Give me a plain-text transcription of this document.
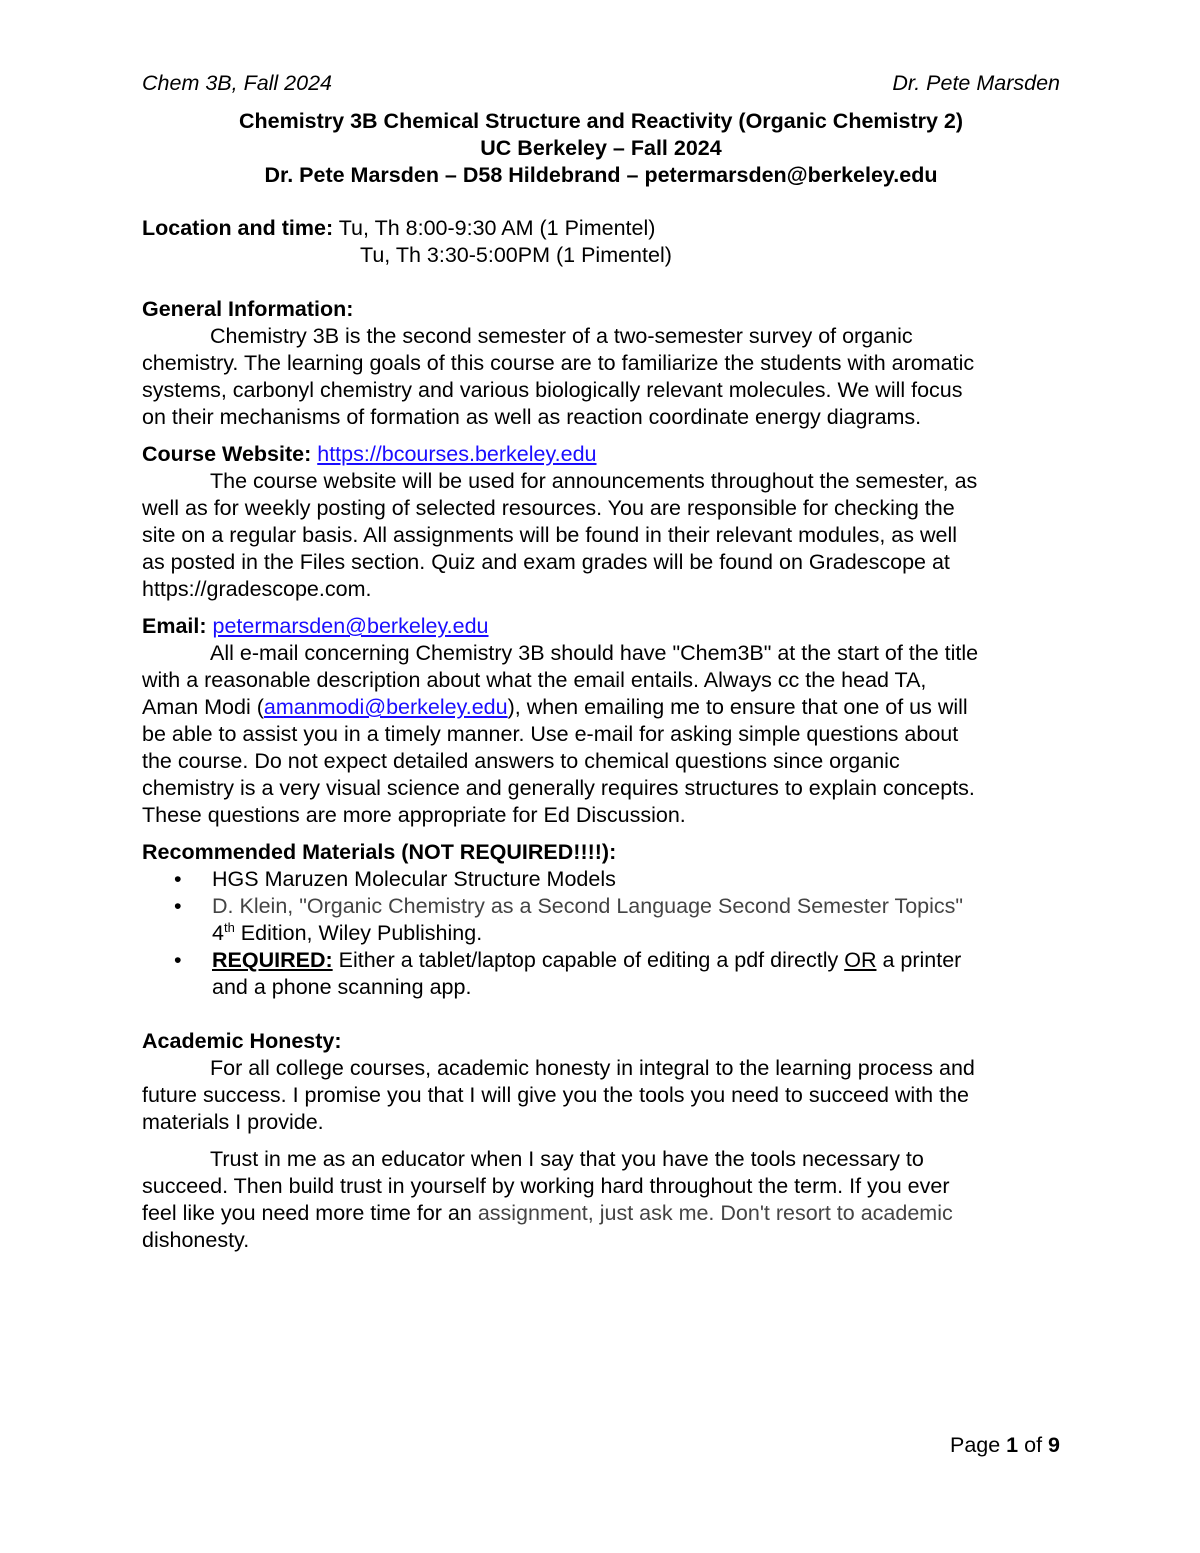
Chem 3B, Fall 2024	Dr. Pete Marsden
Chemistry 3B Chemical Structure and Reactivity (Organic Chemistry 2)
UC Berkeley – Fall 2024
Dr. Pete Marsden – D58 Hildebrand – petermarsden@berkeley.edu
Location and time: Tu, Th 8:00-9:30 AM (1 Pimentel)
Tu, Th 3:30-5:00PM (1 Pimentel)
General Information:
Chemistry 3B is the second semester of a two-semester survey of organic
chemistry. The learning goals of this course are to familiarize the students with aromatic
systems, carbonyl chemistry and various biologically relevant molecules. We will focus
on their mechanisms of formation as well as reaction coordinate energy diagrams.
Course Website: https://bcourses.berkeley.edu
The course website will be used for announcements throughout the semester, as
well as for weekly posting of selected resources. You are responsible for checking the
site on a regular basis. All assignments will be found in their relevant modules, as well
as posted in the Files section. Quiz and exam grades will be found on Gradescope at
https://gradescope.com.
Email: petermarsden@berkeley.edu
All e-mail concerning Chemistry 3B should have "Chem3B" at the start of the title
with a reasonable description about what the email entails. Always cc the head TA,
Aman Modi (amanmodi@berkeley.edu), when emailing me to ensure that one of us will
be able to assist you in a timely manner. Use e-mail for asking simple questions about
the course. Do not expect detailed answers to chemical questions since organic
chemistry is a very visual science and generally requires structures to explain concepts.
These questions are more appropriate for Ed Discussion.
Recommended Materials (NOT REQUIRED!!!!):
• HGS Maruzen Molecular Structure Models
• D. Klein, "Organic Chemistry as a Second Language Second Semester Topics"
4th Edition, Wiley Publishing.
• REQUIRED: Either a tablet/laptop capable of editing a pdf directly OR a printer
and a phone scanning app.
Academic Honesty:
For all college courses, academic honesty in integral to the learning process and
future success. I promise you that I will give you the tools you need to succeed with the
materials I provide.
Trust in me as an educator when I say that you have the tools necessary to
succeed. Then build trust in yourself by working hard throughout the term. If you ever
feel like you need more time for an assignment, just ask me. Don't resort to academic
dishonesty.
Page 1 of 9
